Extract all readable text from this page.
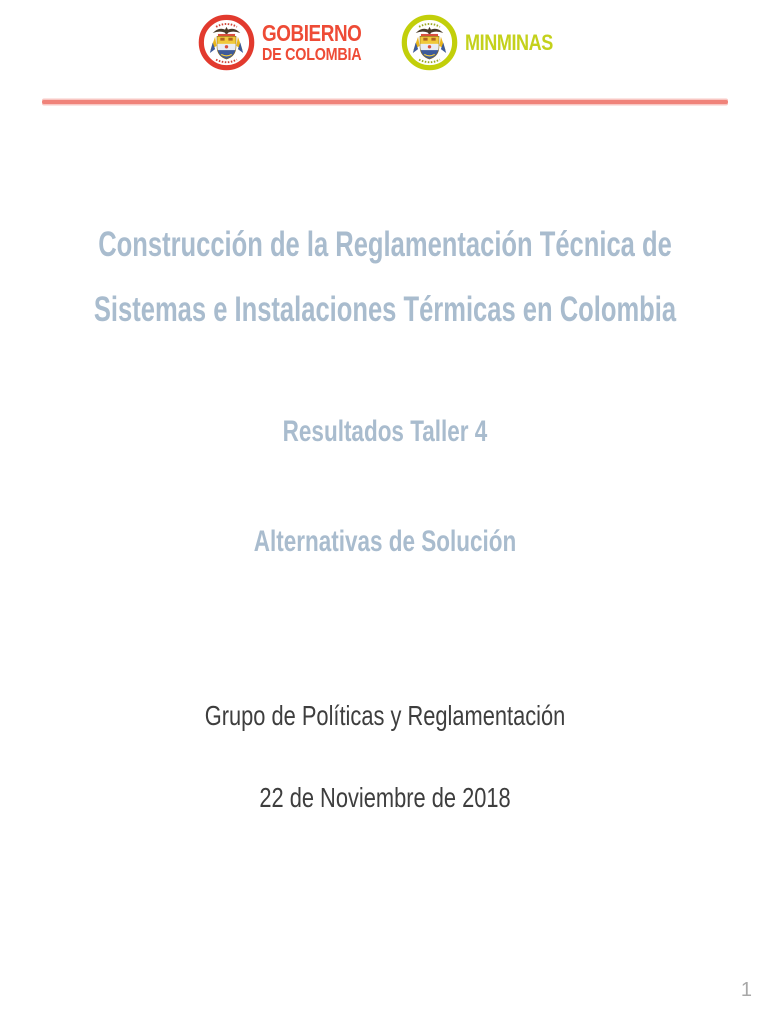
GOBIERNO
DE COLOMBIA	MINMINAS
Construcción de la Reglamentación Técnica de Sistemas e Instalaciones Térmicas en Colombia
Resultados Taller 4
Alternativas de Solución
Grupo de Políticas y Reglamentación
22 de Noviembre de 2018
1
